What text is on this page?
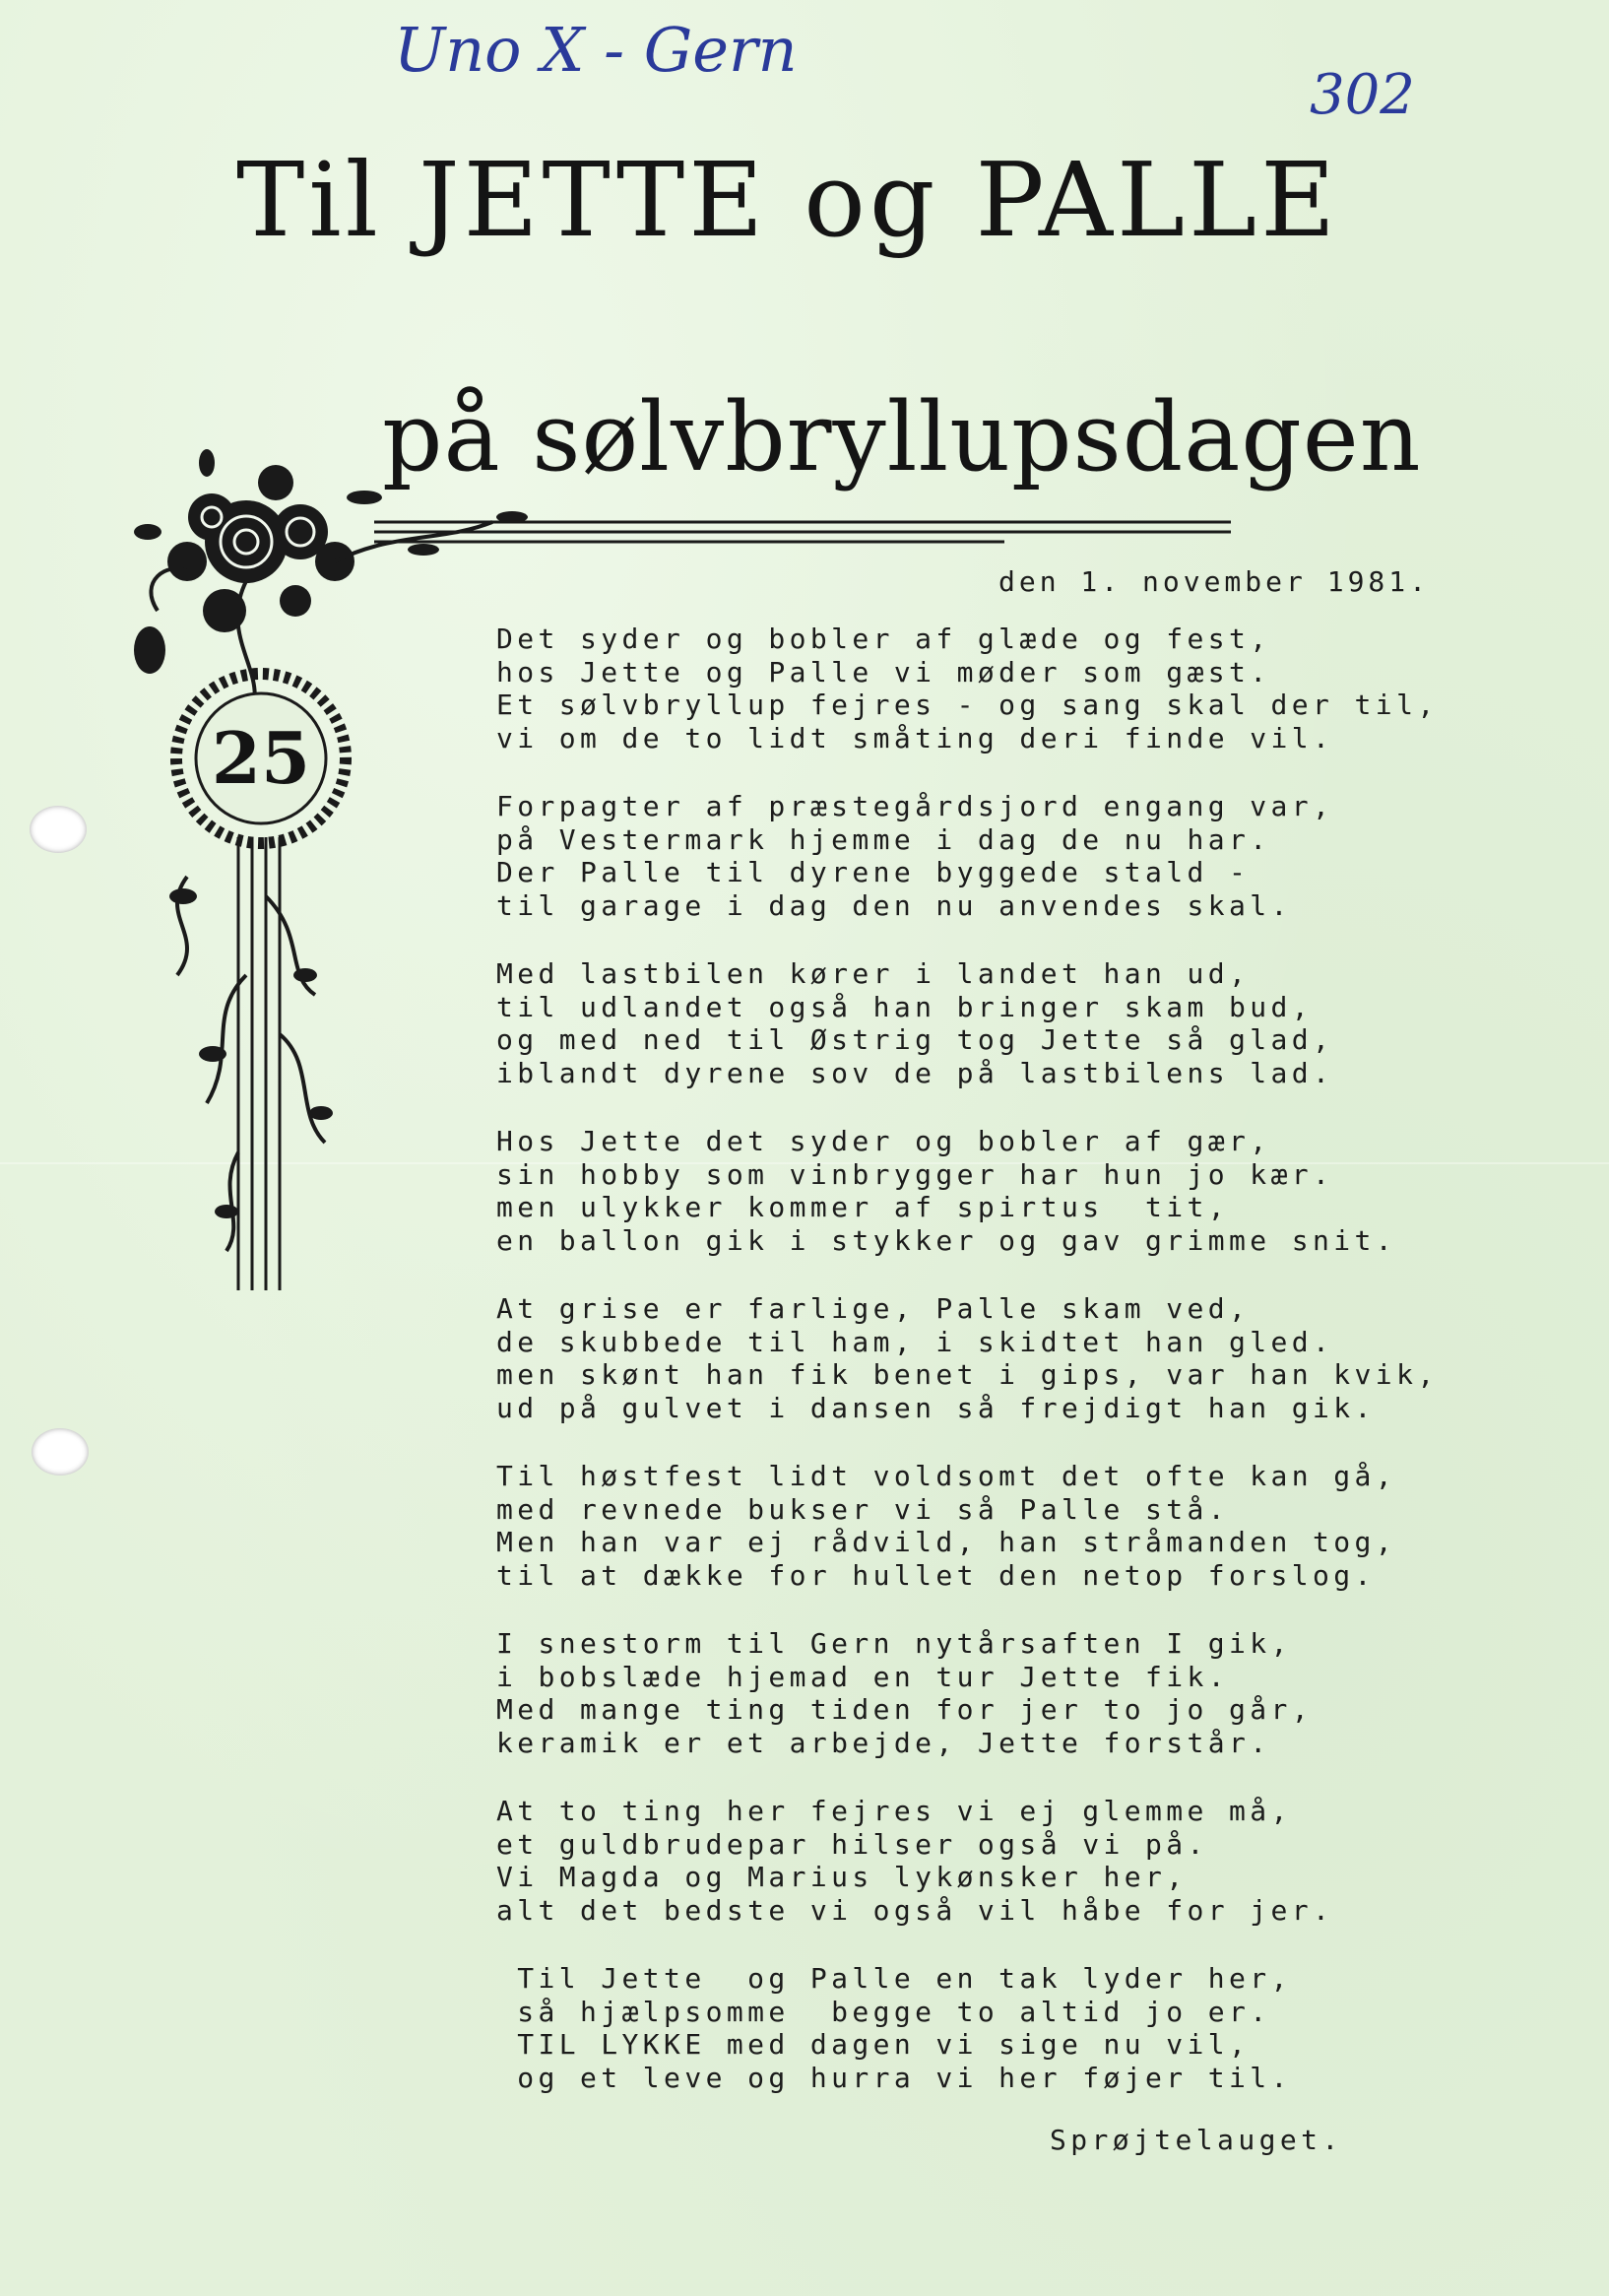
Uno X - Gern
302
Til JETTE og PALLE
på sølvbryllupsdagen
25
den 1. november 1981.
Det syder og bobler af glæde og fest,
hos Jette og Palle vi møder som gæst.
Et sølvbryllup fejres - og sang skal der til,
vi om de to lidt småting deri finde vil.
Forpagter af præstegårdsjord engang var,
på Vestermark hjemme i dag de nu har.
Der Palle til dyrene byggede stald -
til garage i dag den nu anvendes skal.
Med lastbilen kører i landet han ud,
til udlandet også han bringer skam bud,
og med ned til Østrig tog Jette så glad,
iblandt dyrene sov de på lastbilens lad.
Hos Jette det syder og bobler af gær,
sin hobby som vinbrygger har hun jo kær.
men ulykker kommer af spirtus  tit,
en ballon gik i stykker og gav grimme snit.
At grise er farlige, Palle skam ved,
de skubbede til ham, i skidtet han gled.
men skønt han fik benet i gips, var han kvik,
ud på gulvet i dansen så frejdigt han gik.
Til høstfest lidt voldsomt det ofte kan gå,
med revnede bukser vi så Palle stå.
Men han var ej rådvild, han stråmanden tog,
til at dække for hullet den netop forslog.
I snestorm til Gern nytårsaften I gik,
i bobslæde hjemad en tur Jette fik.
Med mange ting tiden for jer to jo går,
keramik er et arbejde, Jette forstår.
At to ting her fejres vi ej glemme må,
et guldbrudepar hilser også vi på.
Vi Magda og Marius lykønsker her,
alt det bedste vi også vil håbe for jer.
Til Jette  og Palle en tak lyder her,
så hjælpsomme  begge to altid jo er.
TIL LYKKE med dagen vi sige nu vil,
og et leve og hurra vi her føjer til.
Sprøjtelauget.
